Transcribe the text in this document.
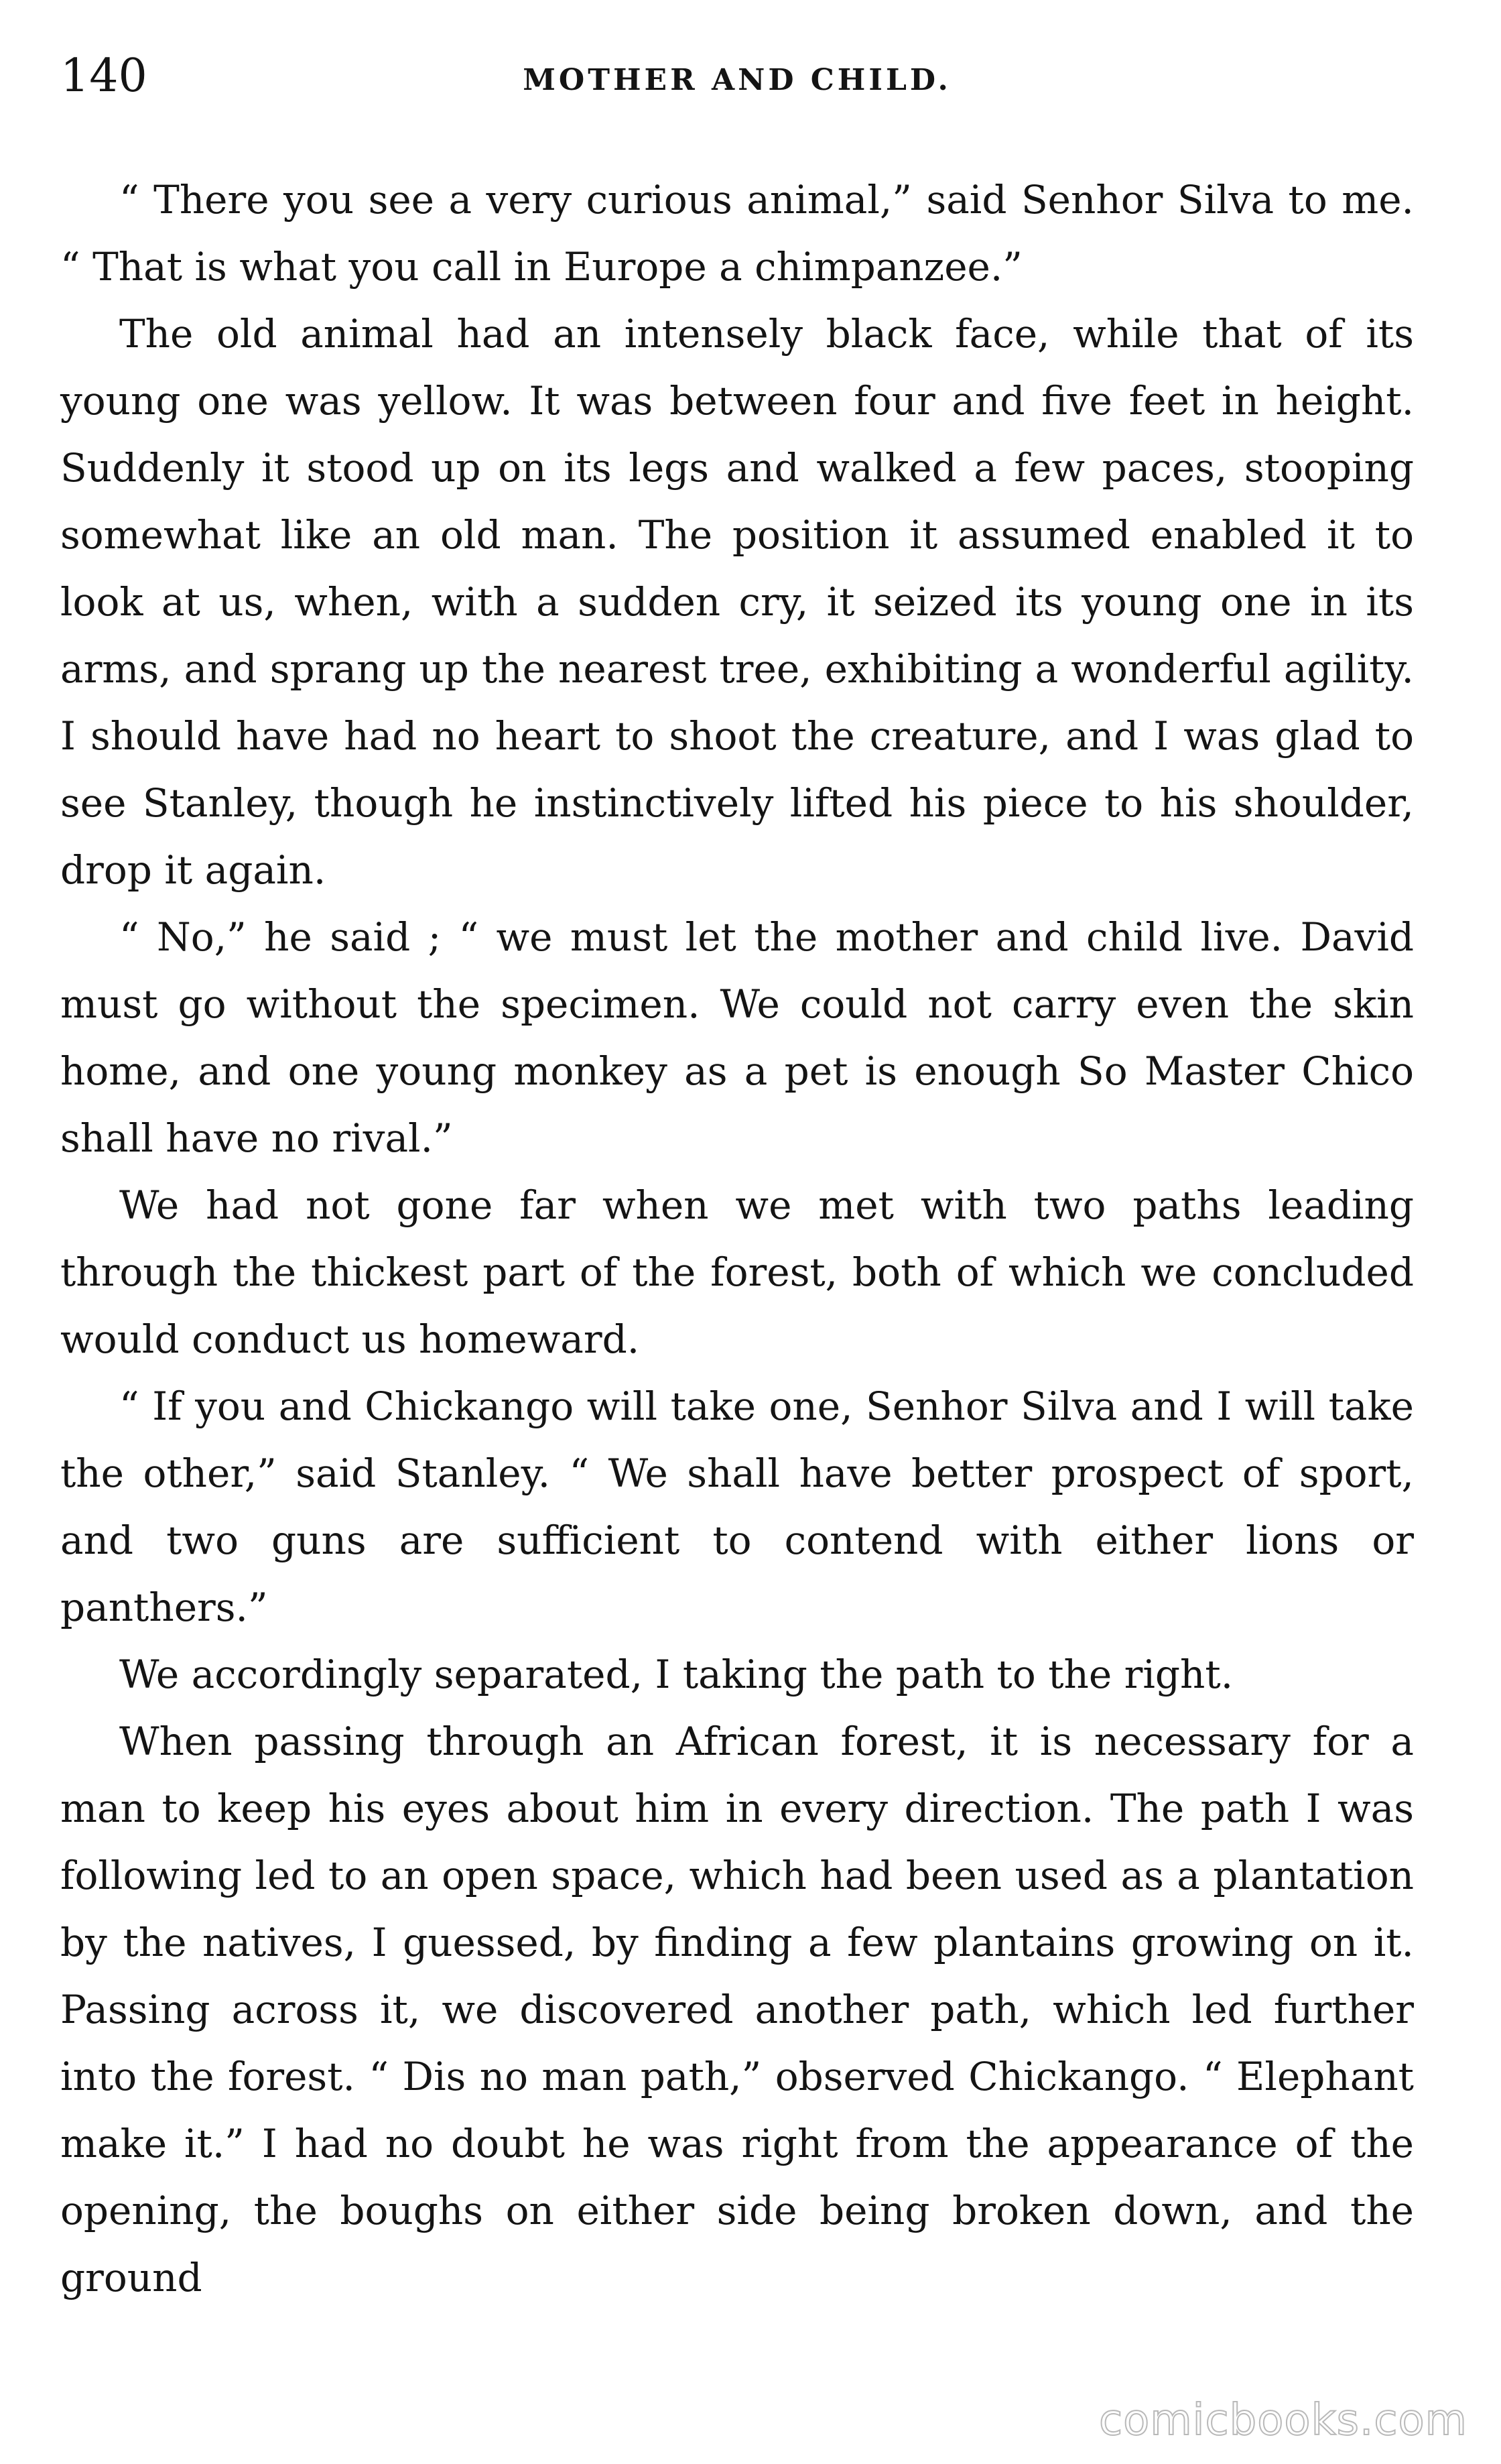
140	MOTHER AND CHILD.

“ There you see a very curious animal,” said Senhor Silva to me. “ That is what you call in Europe a chimpanzee.”

The old animal had an intensely black face, while that of its young one was yellow. It was between four and five feet in height. Suddenly it stood up on its legs and walked a few paces, stooping somewhat like an old man. The position it assumed enabled it to look at us, when, with a sudden cry, it seized its young one in its arms, and sprang up the nearest tree, exhibiting a wonderful agility. I should have had no heart to shoot the creature, and I was glad to see Stanley, though he instinctively lifted his piece to his shoulder, drop it again.

“ No,” he said ; “ we must let the mother and child live. David must go without the specimen. We could not carry even the skin home, and one young monkey as a pet is enough So Master Chico shall have no rival.”

We had not gone far when we met with two paths leading through the thickest part of the forest, both of which we concluded would conduct us homeward.

“ If you and Chickango will take one, Senhor Silva and I will take the other,” said Stanley. “ We shall have better prospect of sport, and two guns are sufficient to contend with either lions or panthers.”

We accordingly separated, I taking the path to the right.

When passing through an African forest, it is necessary for a man to keep his eyes about him in every direction. The path I was following led to an open space, which had been used as a plantation by the natives, I guessed, by finding a few plantains growing on it. Passing across it, we discovered another path, which led further into the forest. “ Dis no man path,” observed Chickango. “ Elephant make it.” I had no doubt he was right from the appearance of the opening, the boughs on either side being broken down, and the ground

comicbooks.com
